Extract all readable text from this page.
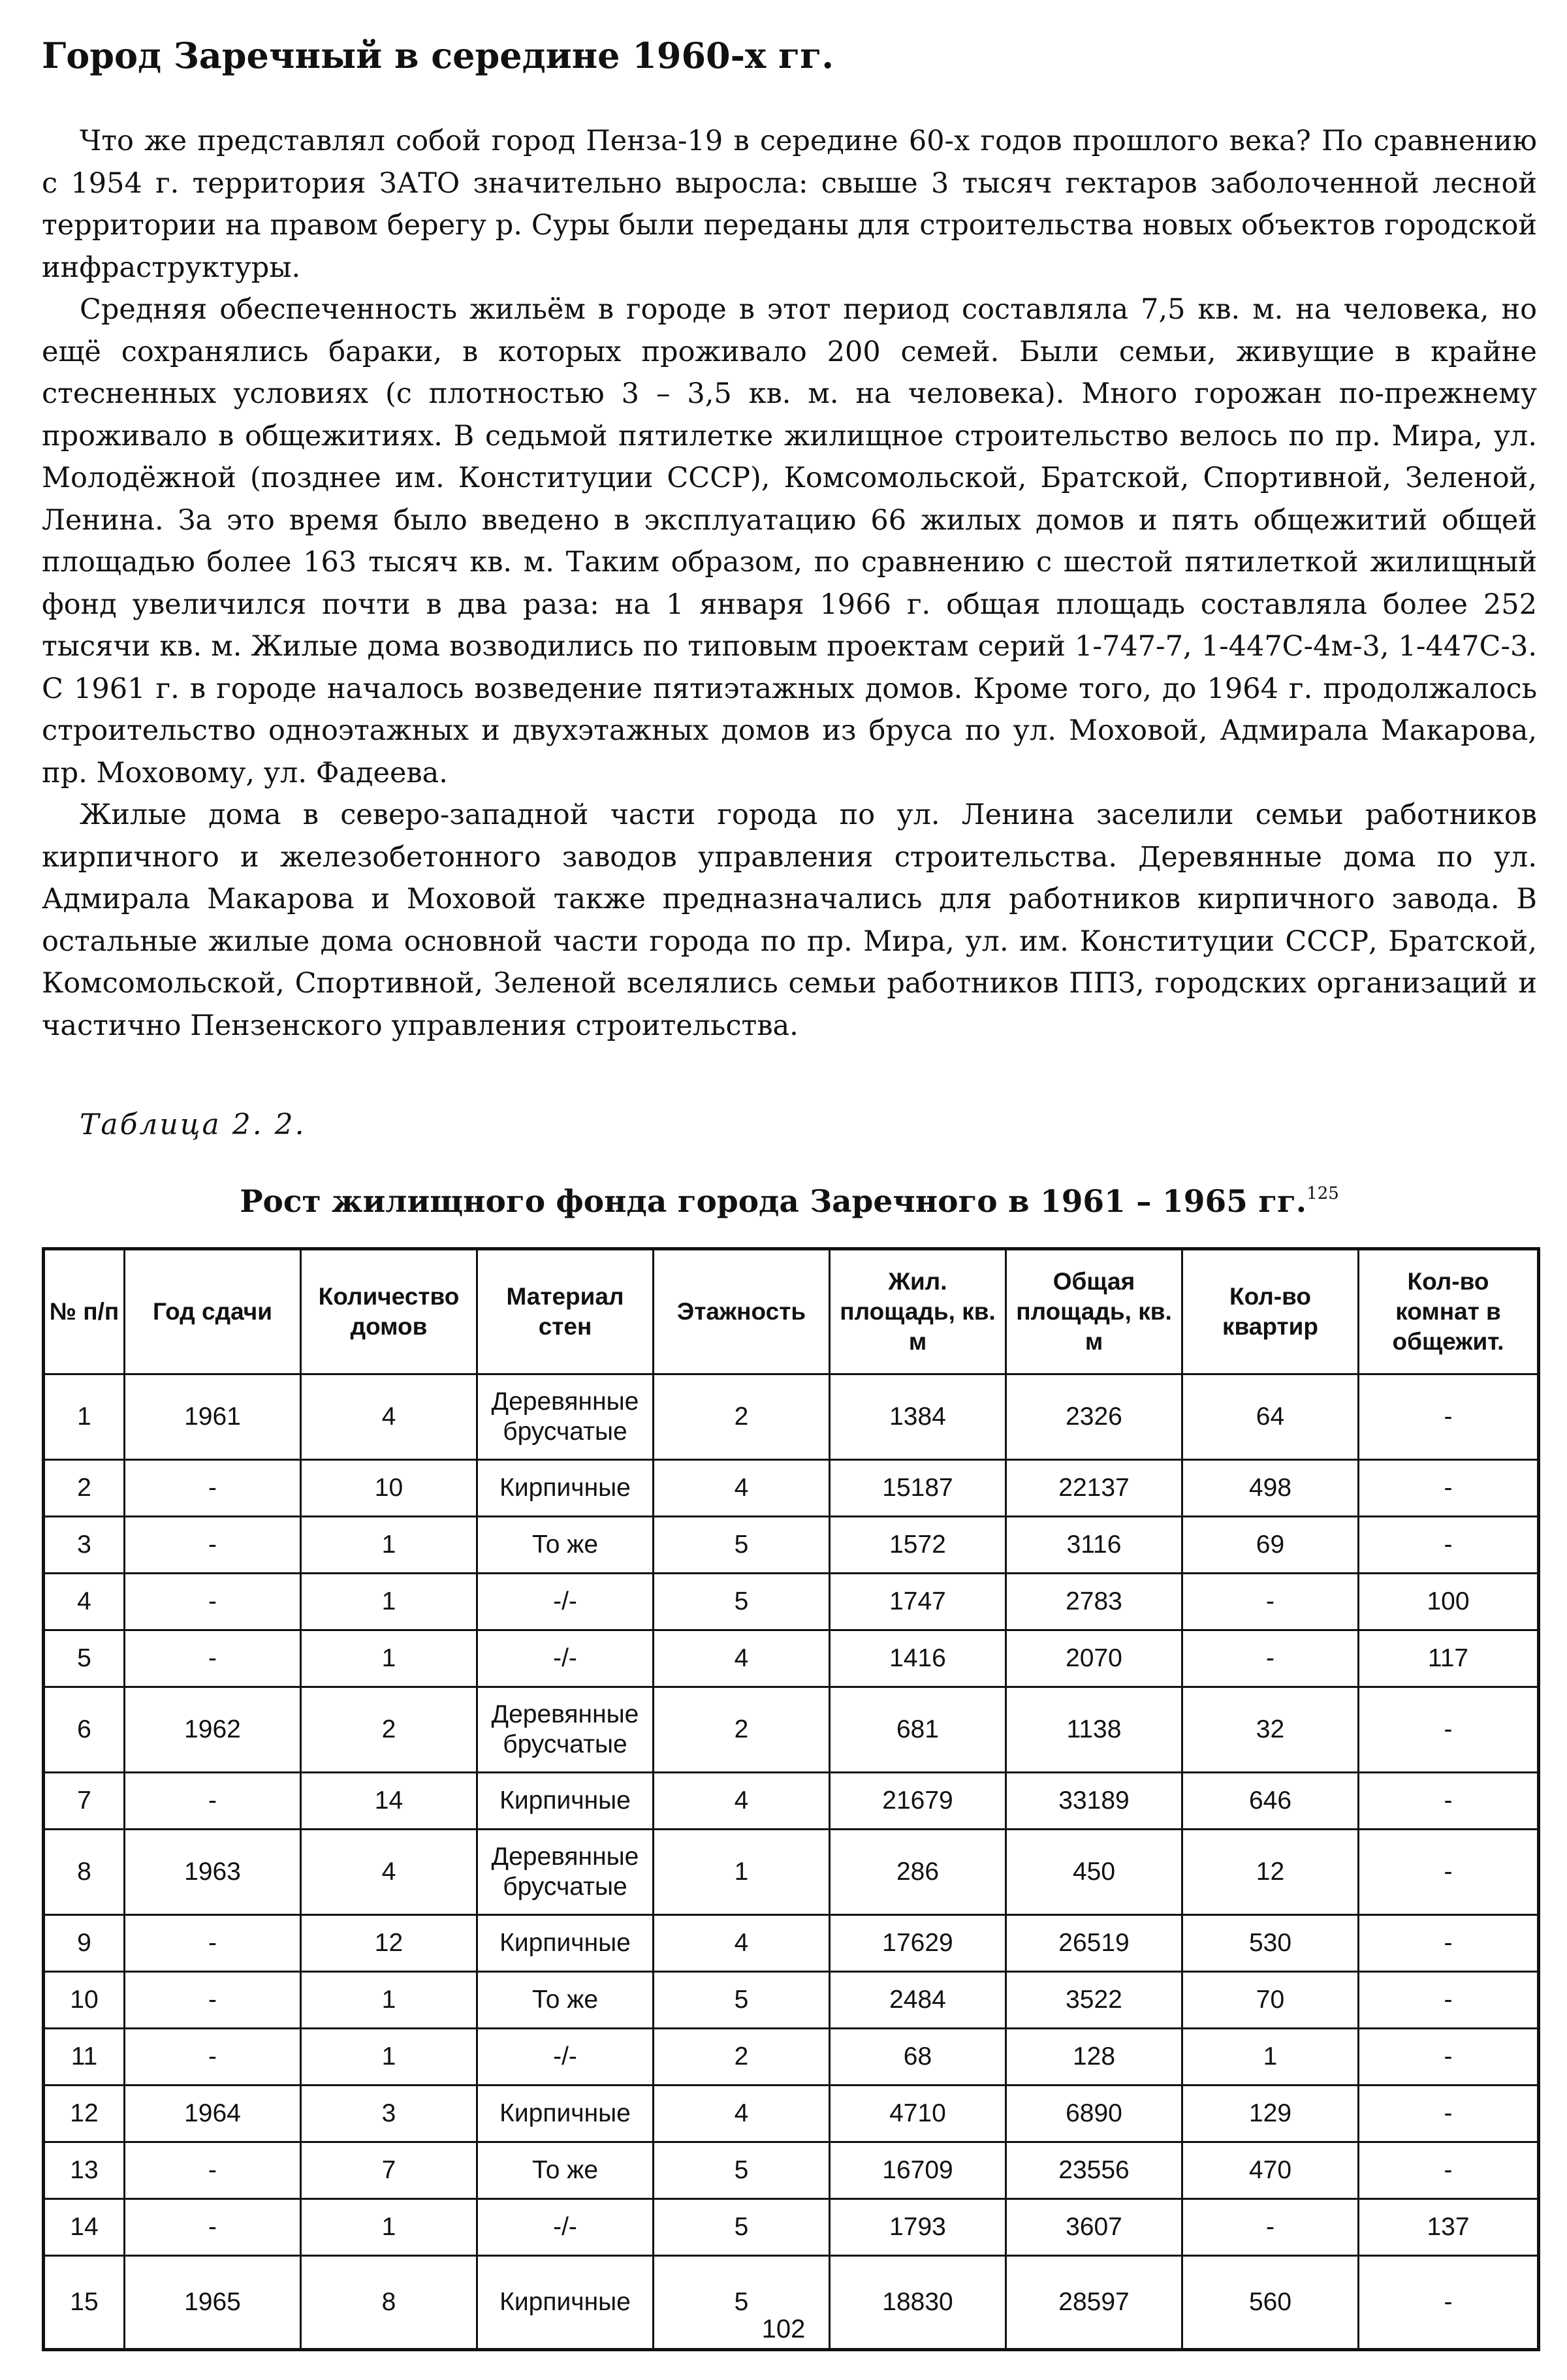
Город Заречный в середине 1960-х гг.

Что же представлял собой город Пенза-19 в середине 60-х годов прошлого века? По сравнению с 1954 г. территория ЗАТО значительно выросла: свыше 3 тысяч гектаров заболоченной лесной территории на правом берегу р. Суры были переданы для строительства новых объектов городской инфраструктуры.

Средняя обеспеченность жильём в городе в этот период составляла 7,5 кв. м. на человека, но ещё сохранялись бараки, в которых проживало 200 семей. Были семьи, живущие в крайне стесненных условиях (с плотностью 3 – 3,5 кв. м. на человека). Много горожан по-прежнему проживало в общежитиях. В седьмой пятилетке жилищное строительство велось по пр. Мира, ул. Молодёжной (позднее им. Конституции СССР), Комсомольской, Братской, Спортивной, Зеленой, Ленина. За это время было введено в эксплуатацию 66 жилых домов и пять общежитий общей площадью более 163 тысяч кв. м. Таким образом, по сравнению с шестой пятилеткой жилищный фонд увеличился почти в два раза: на 1 января 1966 г. общая площадь составляла более 252 тысячи кв. м. Жилые дома возводились по типовым проектам серий 1-747-7, 1-447С-4м-3, 1-447С-3. С 1961 г. в городе началось возведение пятиэтажных домов. Кроме того, до 1964 г. продолжалось строительство одноэтажных и двухэтажных домов из бруса по ул. Моховой, Адмирала Макарова, пр. Моховому, ул. Фадеева.

Жилые дома в северо-западной части города по ул. Ленина заселили семьи работников кирпичного и железобетонного заводов управления строительства. Деревянные дома по ул. Адмирала Макарова и Моховой также предназначались для работников кирпичного завода. В остальные жилые дома основной части города по пр. Мира, ул. им. Конституции СССР, Братской, Комсомольской, Спортивной, Зеленой вселялись семьи работников ППЗ, городских организаций и частично Пензенского управления строительства.

Таблица 2. 2.
Рост жилищного фонда города Заречного в 1961 – 1965 гг.$^{125}$
№ п/п	Год сдачи	Количество домов	Материал стен	Этажность	Жил. площадь, кв. м	Общая площадь, кв. м	Кол-во квартир	Кол-во комнат в общежит.
1	1961	4	Деревянные брусчатые	2	1384	2326	64	-
2	-	10	Кирпичные	4	15187	22137	498	-
3	-	1	То же	5	1572	3116	69	-
4	-	1	-/-	5	1747	2783	-	100
5	-	1	-/-	4	1416	2070	-	117
6	1962	2	Деревянные брусчатые	2	681	1138	32	-
7	-	14	Кирпичные	4	21679	33189	646	-
8	1963	4	Деревянные брусчатые	1	286	450	12	-
9	-	12	Кирпичные	4	17629	26519	530	-
10	-	1	То же	5	2484	3522	70	-
11	-	1	-/-	2	68	128	1	-
12	1964	3	Кирпичные	4	4710	6890	129	-
13	-	7	То же	5	16709	23556	470	-
14	-	1	-/-	5	1793	3607	-	137
15	1965	8	Кирпичные	5	18830	28597	560	-
102
